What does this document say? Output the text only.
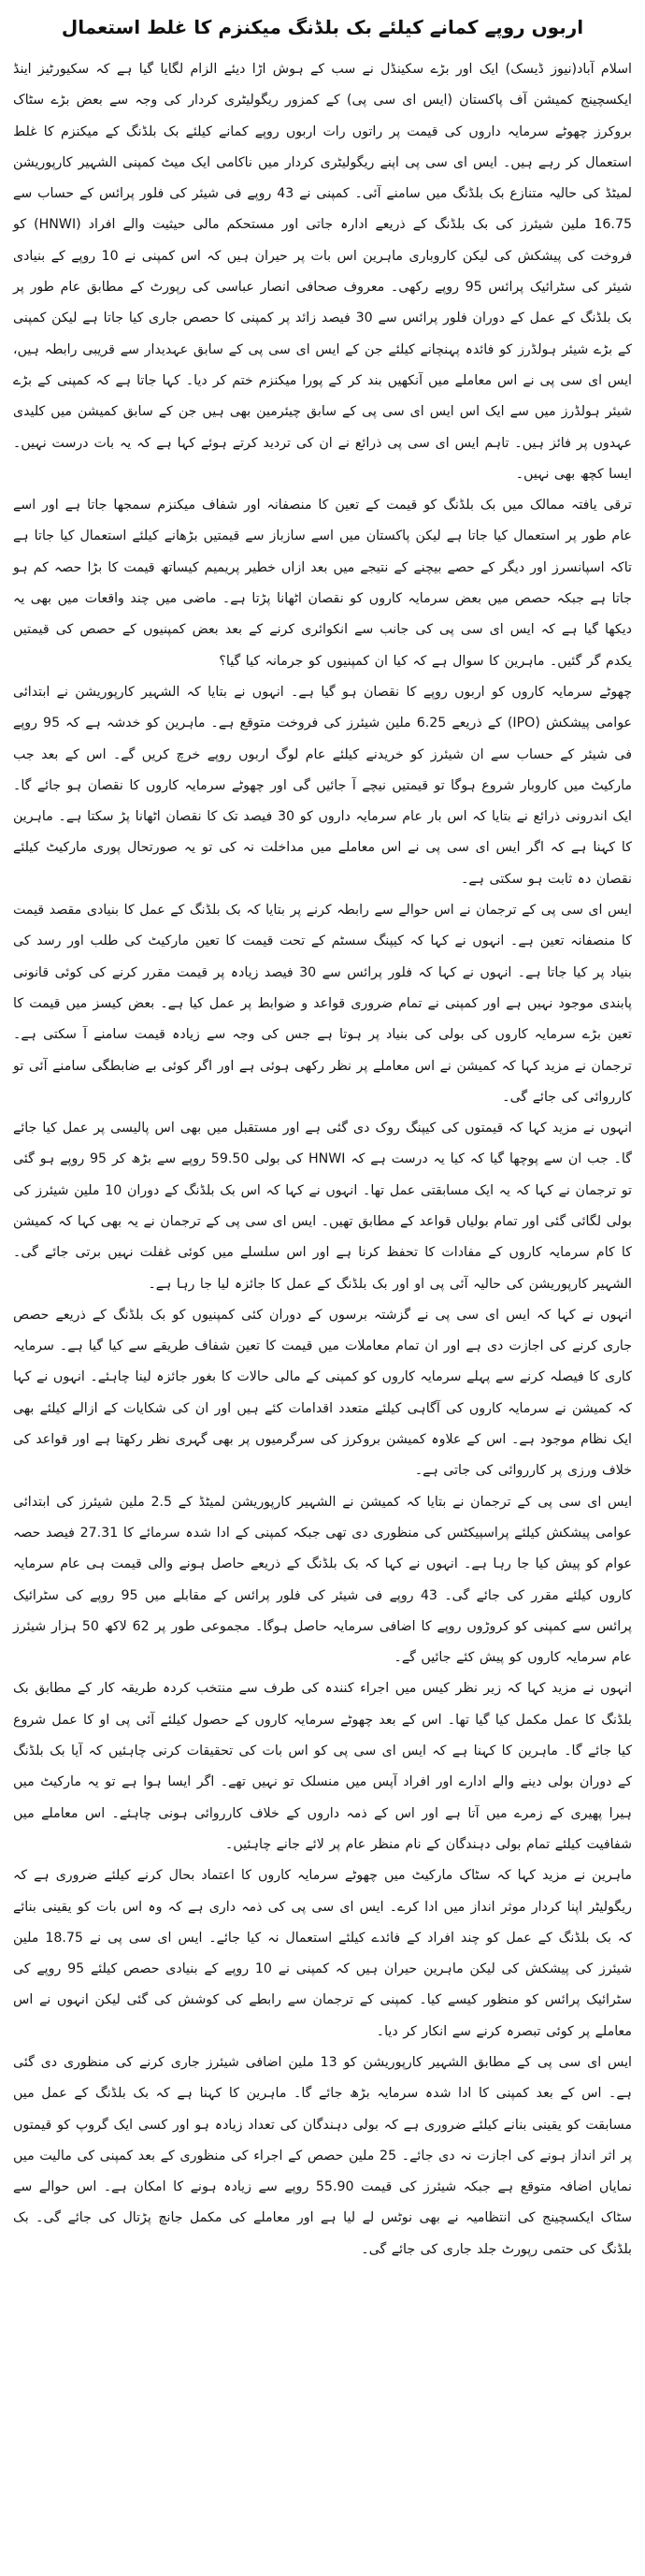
اربوں روپے کمانے کیلئے بک بلڈنگ میکنزم کا غلط استعمال

اسلام آباد(نیوز ڈیسک) ایک اور بڑے سکینڈل نے سب کے ہوش اڑا دیئے الزام لگایا گیا ہے کہ سکیورٹیز اینڈ ایکسچینج کمیشن آف پاکستان (ایس ای سی پی) کے کمزور ریگولیٹری کردار کی وجہ سے بعض بڑے سٹاک بروکرز چھوٹے سرمایہ داروں کی قیمت پر راتوں رات اربوں روپے کمانے کیلئے بک بلڈنگ کے میکنزم کا غلط استعمال کر رہے ہیں۔ ایس ای سی پی اپنے ریگولیٹری کردار میں ناکامی ایک میٹ کمپنی الشہیر کارپوریشن لمیٹڈ کی حالیہ متنازع بک بلڈنگ میں سامنے آئی۔ کمپنی نے 43 روپے فی شیئر کی فلور پرائس کے حساب سے 16.75 ملین شیئرز کی بک بلڈنگ کے ذریعے ادارہ جاتی اور مستحکم مالی حیثیت والے افراد (HNWI) کو فروخت کی پیشکش کی لیکن کاروباری ماہرین اس بات پر حیران ہیں کہ اس کمپنی نے 10 روپے کے بنیادی شیئر کی سٹرائیک پرائس 95 روپے رکھی۔ معروف صحافی انصار عباسی کی رپورٹ کے مطابق عام طور پر بک بلڈنگ کے عمل کے دوران فلور پرائس سے 30 فیصد زائد پر کمپنی کا حصص جاری کیا جاتا ہے لیکن کمپنی کے بڑے شیئر ہولڈرز کو فائدہ پہنچانے کیلئے جن کے ایس ای سی پی کے سابق عہدیدار سے قریبی رابطہ ہیں، ایس ای سی پی نے اس معاملے میں آنکھیں بند کر کے پورا میکنزم ختم کر دیا۔ کہا جاتا ہے کہ کمپنی کے بڑے شیئر ہولڈرز میں سے ایک اس ایس ای سی پی کے سابق چیئرمین بھی ہیں جن کے سابق کمیشن میں کلیدی عہدوں پر فائز ہیں۔ تاہم ایس ای سی پی ذرائع نے ان کی تردید کرتے ہوئے کہا ہے کہ یہ بات درست نہیں۔ ایسا کچھ بھی نہیں۔

ترقی یافتہ ممالک میں بک بلڈنگ کو قیمت کے تعین کا منصفانہ اور شفاف میکنزم سمجھا جاتا ہے اور اسے عام طور پر استعمال کیا جاتا ہے لیکن پاکستان میں اسے سازباز سے قیمتیں بڑھانے کیلئے استعمال کیا جاتا ہے تاکہ اسپانسرز اور دیگر کے حصے بیچنے کے نتیجے میں بعد ازاں خطیر پریمیم کیساتھ قیمت کا بڑا حصہ کم ہو جاتا ہے جبکہ حصص میں بعض سرمایہ کاروں کو نقصان اٹھانا پڑتا ہے۔ ماضی میں چند واقعات میں بھی یہ دیکھا گیا ہے کہ ایس ای سی پی کی جانب سے انکوائری کرنے کے بعد بعض کمپنیوں کے حصص کی قیمتیں یکدم گر گئیں۔ ماہرین کا سوال ہے کہ کیا ان کمپنیوں کو جرمانہ کیا گیا؟

چھوٹے سرمایہ کاروں کو اربوں روپے کا نقصان ہو گیا ہے۔ انہوں نے بتایا کہ الشہیر کارپوریشن نے ابتدائی عوامی پیشکش (IPO) کے ذریعے 6.25 ملین شیئرز کی فروخت متوقع ہے۔ ماہرین کو خدشہ ہے کہ 95 روپے فی شیئر کے حساب سے ان شیئرز کو خریدنے کیلئے عام لوگ اربوں روپے خرچ کریں گے۔ اس کے بعد جب مارکیٹ میں کاروبار شروع ہوگا تو قیمتیں نیچے آ جائیں گی اور چھوٹے سرمایہ کاروں کا نقصان ہو جائے گا۔ ایک اندرونی ذرائع نے بتایا کہ اس بار عام سرمایہ داروں کو 30 فیصد تک کا نقصان اٹھانا پڑ سکتا ہے۔ ماہرین کا کہنا ہے کہ اگر ایس ای سی پی نے اس معاملے میں مداخلت نہ کی تو یہ صورتحال پوری مارکیٹ کیلئے نقصان دہ ثابت ہو سکتی ہے۔

ایس ای سی پی کے ترجمان نے اس حوالے سے رابطہ کرنے پر بتایا کہ بک بلڈنگ کے عمل کا بنیادی مقصد قیمت کا منصفانہ تعین ہے۔ انہوں نے کہا کہ کیپنگ سسٹم کے تحت قیمت کا تعین مارکیٹ کی طلب اور رسد کی بنیاد پر کیا جاتا ہے۔ انہوں نے کہا کہ فلور پرائس سے 30 فیصد زیادہ پر قیمت مقرر کرنے کی کوئی قانونی پابندی موجود نہیں ہے اور کمپنی نے تمام ضروری قواعد و ضوابط پر عمل کیا ہے۔ بعض کیسز میں قیمت کا تعین بڑے سرمایہ کاروں کی بولی کی بنیاد پر ہوتا ہے جس کی وجہ سے زیادہ قیمت سامنے آ سکتی ہے۔ ترجمان نے مزید کہا کہ کمیشن نے اس معاملے پر نظر رکھی ہوئی ہے اور اگر کوئی بے ضابطگی سامنے آئی تو کارروائی کی جائے گی۔

انہوں نے مزید کہا کہ قیمتوں کی کیپنگ روک دی گئی ہے اور مستقبل میں بھی اس پالیسی پر عمل کیا جائے گا۔ جب ان سے پوچھا گیا کہ کیا یہ درست ہے کہ HNWI کی بولی 59.50 روپے سے بڑھ کر 95 روپے ہو گئی تو ترجمان نے کہا کہ یہ ایک مسابقتی عمل تھا۔ انہوں نے کہا کہ اس بک بلڈنگ کے دوران 10 ملین شیئرز کی بولی لگائی گئی اور تمام بولیاں قواعد کے مطابق تھیں۔ ایس ای سی پی کے ترجمان نے یہ بھی کہا کہ کمیشن کا کام سرمایہ کاروں کے مفادات کا تحفظ کرنا ہے اور اس سلسلے میں کوئی غفلت نہیں برتی جائے گی۔ الشہیر کارپوریشن کی حالیہ آئی پی او اور بک بلڈنگ کے عمل کا جائزہ لیا جا رہا ہے۔

انہوں نے کہا کہ ایس ای سی پی نے گزشتہ برسوں کے دوران کئی کمپنیوں کو بک بلڈنگ کے ذریعے حصص جاری کرنے کی اجازت دی ہے اور ان تمام معاملات میں قیمت کا تعین شفاف طریقے سے کیا گیا ہے۔ سرمایہ کاری کا فیصلہ کرنے سے پہلے سرمایہ کاروں کو کمپنی کے مالی حالات کا بغور جائزہ لینا چاہئے۔ انہوں نے کہا کہ کمیشن نے سرمایہ کاروں کی آگاہی کیلئے متعدد اقدامات کئے ہیں اور ان کی شکایات کے ازالے کیلئے بھی ایک نظام موجود ہے۔ اس کے علاوہ کمیشن بروکرز کی سرگرمیوں پر بھی گہری نظر رکھتا ہے اور قواعد کی خلاف ورزی پر کارروائی کی جاتی ہے۔

ایس ای سی پی کے ترجمان نے بتایا کہ کمیشن نے الشہیر کارپوریشن لمیٹڈ کے 2.5 ملین شیئرز کی ابتدائی عوامی پیشکش کیلئے پراسپیکٹس کی منظوری دی تھی جبکہ کمپنی کے ادا شدہ سرمائے کا 27.31 فیصد حصہ عوام کو پیش کیا جا رہا ہے۔ انہوں نے کہا کہ بک بلڈنگ کے ذریعے حاصل ہونے والی قیمت ہی عام سرمایہ کاروں کیلئے مقرر کی جائے گی۔ 43 روپے فی شیئر کی فلور پرائس کے مقابلے میں 95 روپے کی سٹرائیک پرائس سے کمپنی کو کروڑوں روپے کا اضافی سرمایہ حاصل ہوگا۔ مجموعی طور پر 62 لاکھ 50 ہزار شیئرز عام سرمایہ کاروں کو پیش کئے جائیں گے۔

انہوں نے مزید کہا کہ زیر نظر کیس میں اجراء کنندہ کی طرف سے منتخب کردہ طریقہ کار کے مطابق بک بلڈنگ کا عمل مکمل کیا گیا تھا۔ اس کے بعد چھوٹے سرمایہ کاروں کے حصول کیلئے آئی پی او کا عمل شروع کیا جائے گا۔ ماہرین کا کہنا ہے کہ ایس ای سی پی کو اس بات کی تحقیقات کرنی چاہئیں کہ آیا بک بلڈنگ کے دوران بولی دینے والے ادارے اور افراد آپس میں منسلک تو نہیں تھے۔ اگر ایسا ہوا ہے تو یہ مارکیٹ میں ہیرا پھیری کے زمرے میں آتا ہے اور اس کے ذمہ داروں کے خلاف کارروائی ہونی چاہئے۔ اس معاملے میں شفافیت کیلئے تمام بولی دہندگان کے نام منظر عام پر لائے جانے چاہئیں۔

ماہرین نے مزید کہا کہ سٹاک مارکیٹ میں چھوٹے سرمایہ کاروں کا اعتماد بحال کرنے کیلئے ضروری ہے کہ ریگولیٹر اپنا کردار موثر انداز میں ادا کرے۔ ایس ای سی پی کی ذمہ داری ہے کہ وہ اس بات کو یقینی بنائے کہ بک بلڈنگ کے عمل کو چند افراد کے فائدے کیلئے استعمال نہ کیا جائے۔ ایس ای سی پی نے 18.75 ملین شیئرز کی پیشکش کی لیکن ماہرین حیران ہیں کہ کمپنی نے 10 روپے کے بنیادی حصص کیلئے 95 روپے کی سٹرائیک پرائس کو منظور کیسے کیا۔ کمپنی کے ترجمان سے رابطے کی کوشش کی گئی لیکن انہوں نے اس معاملے پر کوئی تبصرہ کرنے سے انکار کر دیا۔

ایس ای سی پی کے مطابق الشہیر کارپوریشن کو 13 ملین اضافی شیئرز جاری کرنے کی منظوری دی گئی ہے۔ اس کے بعد کمپنی کا ادا شدہ سرمایہ بڑھ جائے گا۔ ماہرین کا کہنا ہے کہ بک بلڈنگ کے عمل میں مسابقت کو یقینی بنانے کیلئے ضروری ہے کہ بولی دہندگان کی تعداد زیادہ ہو اور کسی ایک گروپ کو قیمتوں پر اثر انداز ہونے کی اجازت نہ دی جائے۔ 25 ملین حصص کے اجراء کی منظوری کے بعد کمپنی کی مالیت میں نمایاں اضافہ متوقع ہے جبکہ شیئرز کی قیمت 55.90 روپے سے زیادہ ہونے کا امکان ہے۔ اس حوالے سے سٹاک ایکسچینج کی انتظامیہ نے بھی نوٹس لے لیا ہے اور معاملے کی مکمل جانچ پڑتال کی جائے گی۔ بک بلڈنگ کی حتمی رپورٹ جلد جاری کی جائے گی۔
